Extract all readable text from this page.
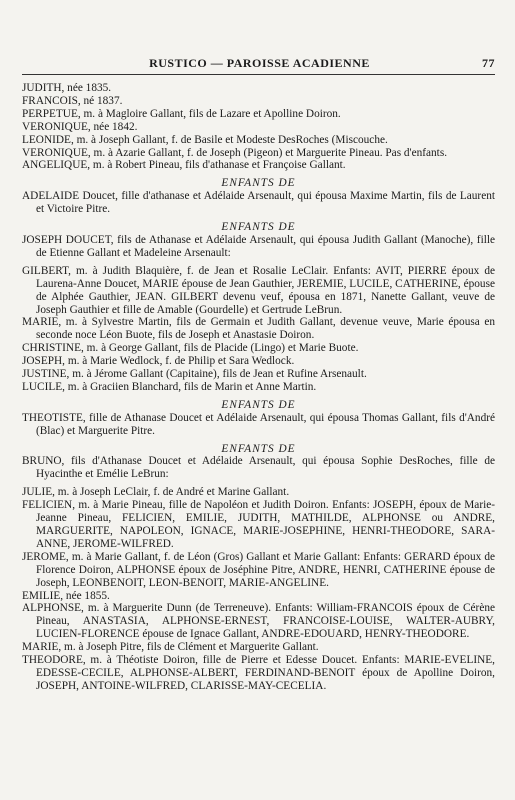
RUSTICO — PAROISSE ACADIENNE	77
JUDITH, née 1835.
FRANCOIS, né 1837.
PERPETUE, m. à Magloire Gallant, fils de Lazare et Apolline Doiron.
VERONIQUE, née 1842.
LEONIDE, m. à Joseph Gallant, f. de Basile et Modeste DesRoches (Miscouche.
VERONIQUE, m. à Azarie Gallant, f. de Joseph (Pigeon) et Marguerite Pineau. Pas d'enfants.
ANGELIQUE, m. à Robert Pineau, fils d'athanase et Françoise Gallant.
ENFANTS DE
ADELAIDE Doucet, fille d'athanase et Adélaide Arsenault, qui épousa Maxime Martin, fils de Laurent et Victoire Pitre.
ENFANTS DE
JOSEPH DOUCET, fils de Athanase et Adélaide Arsenault, qui épousa Judith Gallant (Manoche), fille de Etienne Gallant et Madeleine Arsenault:
GILBERT, m. à Judith Blaquière, f. de Jean et Rosalie LeClair. Enfants: AVIT, PIERRE époux de Laurena-Anne Doucet, MARIE épouse de Jean Gauthier, JEREMIE, LUCILE, CATHERINE, épouse de Alphée Gauthier, JEAN. GILBERT devenu veuf, épousa en 1871, Nanette Gallant, veuve de Joseph Gauthier et fille de Amable (Gourdelle) et Gertrude LeBrun.
MARIE, m. à Sylvestre Martin, fils de Germain et Judith Gallant, devenue veuve, Marie épousa en seconde noce Léon Buote, fils de Joseph et Anastasie Doiron.
CHRISTINE, m. à George Gallant, fils de Placide (Lingo) et Marie Buote.
JOSEPH, m. à Marie Wedlock, f. de Philip et Sara Wedlock.
JUSTINE, m. à Jérome Gallant (Capitaine), fils de Jean et Rufine Arsenault.
LUCILE, m. à Graciien Blanchard, fils de Marin et Anne Martin.
ENFANTS DE
THEOTISTE, fille de Athanase Doucet et Adélaide Arsenault, qui épousa Thomas Gallant, fils d'André (Blac) et Marguerite Pitre.
ENFANTS DE
BRUNO, fils d'Athanase Doucet et Adélaide Arsenault, qui épousa Sophie DesRoches, fille de Hyacinthe et Emélie LeBrun:
JULIE, m. à Joseph LeClair, f. de André et Marine Gallant.
FELICIEN, m. à Marie Pineau, fille de Napoléon et Judith Doiron. Enfants: JOSEPH, époux de Marie-Jeanne Pineau, FELICIEN, EMILIE, JUDITH, MATHILDE, ALPHONSE ou ANDRE, MARGUERITE, NAPOLEON, IGNACE, MARIE-JOSEPHINE, HENRI-THEODORE, SARA-ANNE, JEROME-WILFRED.
JEROME, m. à Marie Gallant, f. de Léon (Gros) Gallant et Marie Gallant: Enfants: GERARD époux de Florence Doiron, ALPHONSE époux de Joséphine Pitre, ANDRE, HENRI, CATHERINE épouse de Joseph, LEONBENOIT, LEON-BENOIT, MARIE-ANGELINE.
EMILIE, née 1855.
ALPHONSE, m. à Marguerite Dunn (de Terreneuve). Enfants: William-FRANCOIS époux de Cérène Pineau, ANASTASIA, ALPHONSE-ERNEST, FRANCOISE-LOUISE, WALTER-AUBRY, LUCIEN-FLORENCE épouse de Ignace Gallant, ANDRE-EDOUARD, HENRY-THEODORE.
MARIE, m. à Joseph Pitre, fils de Clément et Marguerite Gallant.
THEODORE, m. à Théotiste Doiron, fille de Pierre et Edesse Doucet. Enfants: MARIE-EVELINE, EDESSE-CECILE, ALPHONSE-ALBERT, FERDINAND-BENOIT époux de Apolline Doiron, JOSEPH, ANTOINE-WILFRED, CLARISSE-MAY-CECELIA.
